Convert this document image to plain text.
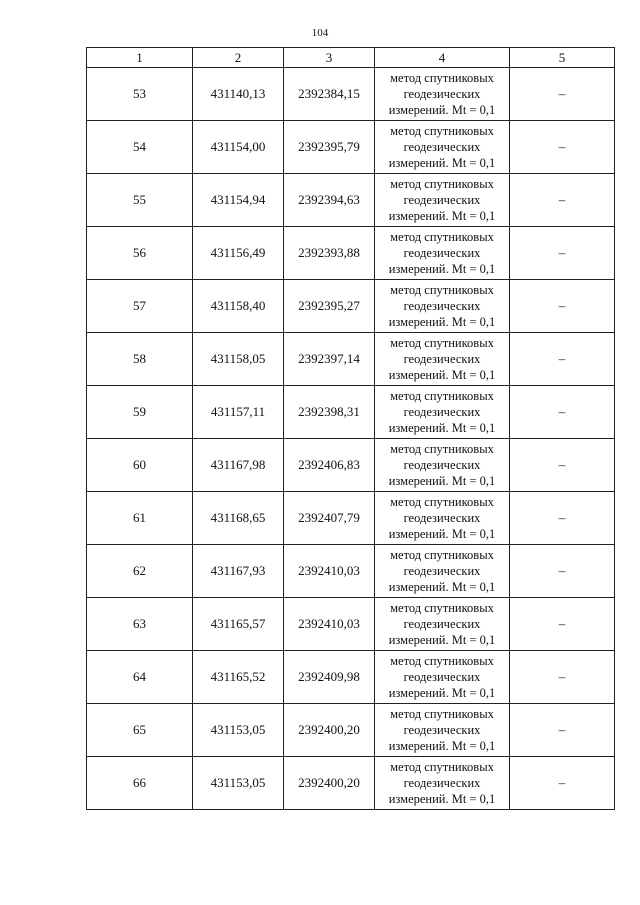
104
1	2	3	4	5
53	431140,13	2392384,15	метод спутниковых
геодезических
измерений. Mt = 0,1	–
54	431154,00	2392395,79	метод спутниковых
геодезических
измерений. Mt = 0,1	–
55	431154,94	2392394,63	метод спутниковых
геодезических
измерений. Mt = 0,1	–
56	431156,49	2392393,88	метод спутниковых
геодезических
измерений. Mt = 0,1	–
57	431158,40	2392395,27	метод спутниковых
геодезических
измерений. Mt = 0,1	–
58	431158,05	2392397,14	метод спутниковых
геодезических
измерений. Mt = 0,1	–
59	431157,11	2392398,31	метод спутниковых
геодезических
измерений. Mt = 0,1	–
60	431167,98	2392406,83	метод спутниковых
геодезических
измерений. Mt = 0,1	–
61	431168,65	2392407,79	метод спутниковых
геодезических
измерений. Mt = 0,1	–
62	431167,93	2392410,03	метод спутниковых
геодезических
измерений. Mt = 0,1	–
63	431165,57	2392410,03	метод спутниковых
геодезических
измерений. Mt = 0,1	–
64	431165,52	2392409,98	метод спутниковых
геодезических
измерений. Mt = 0,1	–
65	431153,05	2392400,20	метод спутниковых
геодезических
измерений. Mt = 0,1	–
66	431153,05	2392400,20	метод спутниковых
геодезических
измерений. Mt = 0,1	–
